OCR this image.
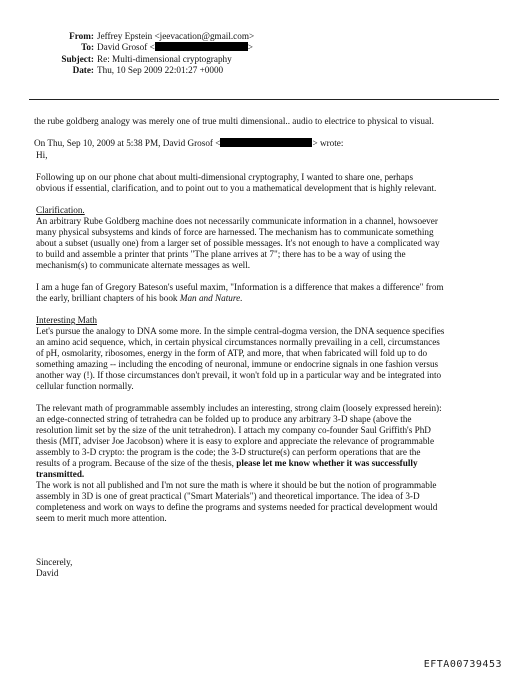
From: Jeffrey Epstein <jeevacation@gmail.com>
To: David Grosof <	>
Subject: Re: Multi-dimensional cryptography
Date: Thu, 10 Sep 2009 22:01:27 +0000

the rube goldberg analogy was merely one of true multi dimensional.. audio to electrice to physical to visual.

On Thu, Sep 10, 2009 at 5:38 PM, David Grosof <	> wrote:

Hi,

Following up on our phone chat about multi-dimensional cryptography, I wanted to share one, perhaps

obvious if essential, clarification, and to point out to you a mathematical development that is highly relevant.

Clarification.

An arbitrary Rube Goldberg machine does not necessarily communicate information in a channel, howsoever

many physical subsystems and kinds of force are harnessed. The mechanism has to communicate something

about a subset (usually one) from a larger set of possible messages. It's not enough to have a complicated way

to build and assemble a printer that prints "The plane arrives at 7"; there has to be a way of using the

mechanism(s) to communicate alternate messages as well.

I am a huge fan of Gregory Bateson's useful maxim, "Information is a difference that makes a difference" from

the early, brilliant chapters of his book Man and Nature.

Interesting Math

Let's pursue the analogy to DNA some more. In the simple central-dogma version, the DNA sequence specifies

an amino acid sequence, which, in certain physical circumstances normally prevailing in a cell, circumstances

of pH, osmolarity, ribosomes, energy in the form of ATP, and more, that when fabricated will fold up to do

something amazing -- including the encoding of neuronal, immune or endocrine signals in one fashion versus

another way (!). If those circumstances don't prevail, it won't fold up in a particular way and be integrated into

cellular function normally.

The relevant math of programmable assembly includes an interesting, strong claim (loosely expressed herein):

an edge-connected string of tetrahedra can be folded up to produce any arbitrary 3-D shape (above the

resolution limit set by the size of the unit tetrahedron). I attach my company co-founder Saul Griffith's PhD

thesis (MIT, adviser Joe Jacobson) where it is easy to explore and appreciate the relevance of programmable

assembly to 3-D crypto: the program is the code; the 3-D structure(s) can perform operations that are the

results of a program. Because of the size of the thesis, please let me know whether it was successfully

transmitted.

The work is not all published and I'm not sure the math is where it should be but the notion of programmable

assembly in 3D is one of great practical ("Smart Materials") and theoretical importance. The idea of 3-D

completeness and work on ways to define the programs and systems needed for practical development would

seem to merit much more attention.

Sincerely,

David

EFTA00739453
